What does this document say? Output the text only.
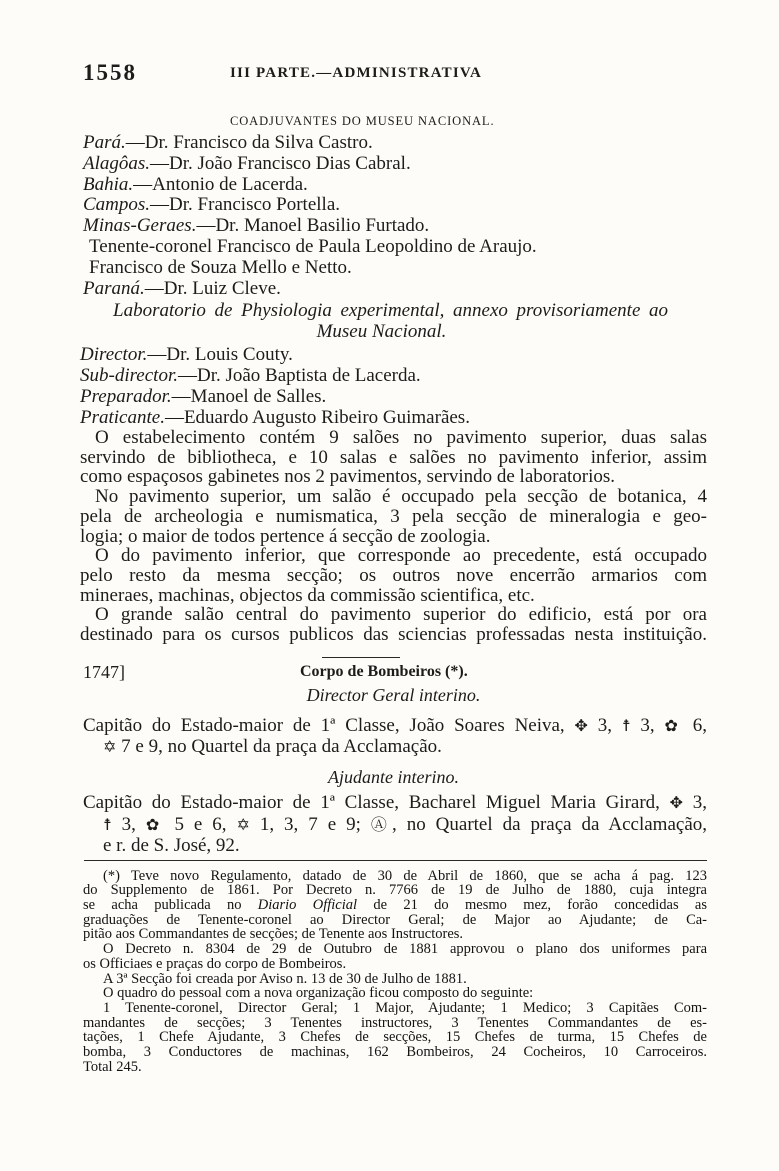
1558	III PARTE.—ADMINISTRATIVA
COADJUVANTES DO MUSEU NACIONAL.
Pará.—Dr. Francisco da Silva Castro.
Alagôas.—Dr. João Francisco Dias Cabral.
Bahia.—Antonio de Lacerda.
Campos.—Dr. Francisco Portella.
Minas-Geraes.—Dr. Manoel Basilio Furtado.
Tenente-coronel Francisco de Paula Leopoldino de Araujo.
Francisco de Souza Mello e Netto.
Paraná.—Dr. Luiz Cleve.
Laboratorio de Physiologia experimental, annexo provisoriamente ao
Museu Nacional.
Director.—Dr. Louis Couty.
Sub-director.—Dr. João Baptista de Lacerda.
Preparador.—Manoel de Salles.
Praticante.—Eduardo Augusto Ribeiro Guimarães.
O estabelecimento contém 9 salões no pavimento superior, duas salas
servindo de bibliotheca, e 10 salas e salões no pavimento inferior, assim
como espaçosos gabinetes nos 2 pavimentos, servindo de laboratorios.
No pavimento superior, um salão é occupado pela secção de botanica, 4
pela de archeologia e numismatica, 3 pela secção de mineralogia e geo-
logia; o maior de todos pertence á secção de zoologia.
O do pavimento inferior, que corresponde ao precedente, está occupado
pelo resto da mesma secção; os outros nove encerrão armarios com
mineraes, machinas, objectos da commissão scientifica, etc.
O grande salão central do pavimento superior do edificio, está por ora
destinado para os cursos publicos das sciencias professadas nesta instituição.
1747]	Corpo de Bombeiros (*).
Director Geral interino.
Capitão do Estado-maior de 1ª Classe, João Soares Neiva, ✥ 3, ☨ 3, ✿ 6,
✡ 7 e 9, no Quartel da praça da Acclamação.
Ajudante interino.
Capitão do Estado-maior de 1ª Classe, Bacharel Miguel Maria Girard, ✥ 3,
☨ 3, ✿ 5 e 6, ✡ 1, 3, 7 e 9; Ⓐ, no Quartel da praça da Acclamação,
e r. de S. José, 92.
(*) Teve novo Regulamento, datado de 30 de Abril de 1860, que se acha á pag. 123
do Supplemento de 1861. Por Decreto n. 7766 de 19 de Julho de 1880, cuja integra
se acha publicada no Diario Official de 21 do mesmo mez, forão concedidas as
graduações de Tenente-coronel ao Director Geral; de Major ao Ajudante; de Ca-
pitão aos Commandantes de secções; de Tenente aos Instructores.
O Decreto n. 8304 de 29 de Outubro de 1881 approvou o plano dos uniformes para
os Officiaes e praças do corpo de Bombeiros.
A 3ª Secção foi creada por Aviso n. 13 de 30 de Julho de 1881.
O quadro do pessoal com a nova organização ficou composto do seguinte:
1 Tenente-coronel, Director Geral; 1 Major, Ajudante; 1 Medico; 3 Capitães Com-
mandantes de secções; 3 Tenentes instructores, 3 Tenentes Commandantes de es-
tações, 1 Chefe Ajudante, 3 Chefes de secções, 15 Chefes de turma, 15 Chefes de
bomba, 3 Conductores de machinas, 162 Bombeiros, 24 Cocheiros, 10 Carroceiros.
Total 245.
